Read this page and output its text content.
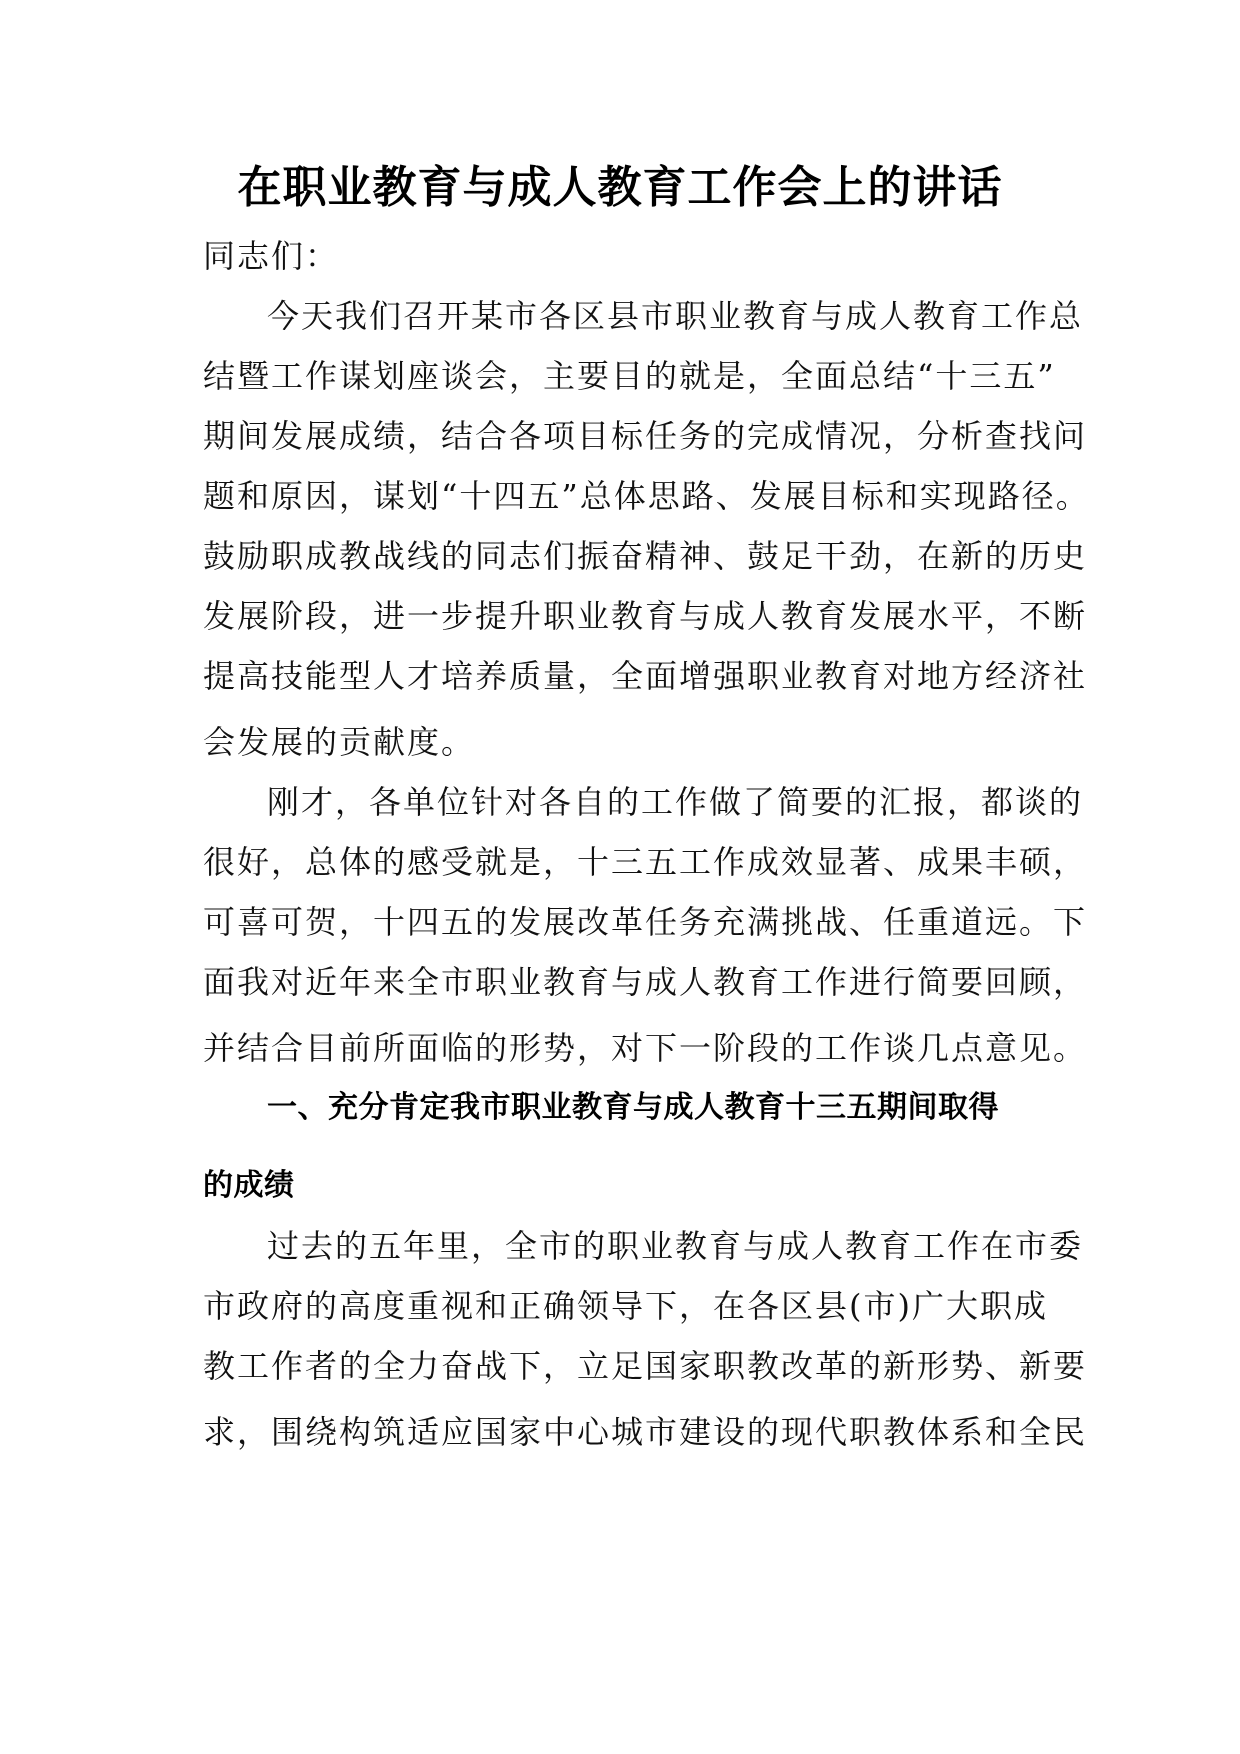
在职业教育与成人教育工作会上的讲话
同志们：
今天我们召开某市各区县市职业教育与成人教育工作总
结暨工作谋划座谈会，主要目的就是，全面总结“十三五”
期间发展成绩，结合各项目标任务的完成情况，分析查找问
题和原因，谋划“十四五”总体思路、发展目标和实现路径。
鼓励职成教战线的同志们振奋精神、鼓足干劲，在新的历史
发展阶段，进一步提升职业教育与成人教育发展水平，不断
提高技能型人才培养质量，全面增强职业教育对地方经济社
会发展的贡献度。
刚才，各单位针对各自的工作做了简要的汇报，都谈的
很好，总体的感受就是，十三五工作成效显著、成果丰硕，
可喜可贺，十四五的发展改革任务充满挑战、任重道远。下
面我对近年来全市职业教育与成人教育工作进行简要回顾，
并结合目前所面临的形势，对下一阶段的工作谈几点意见。
一、充分肯定我市职业教育与成人教育十三五期间取得
的成绩
过去的五年里，全市的职业教育与成人教育工作在市委
市政府的高度重视和正确领导下，在各区县(市)广大职成
教工作者的全力奋战下，立足国家职教改革的新形势、新要
求，围绕构筑适应国家中心城市建设的现代职教体系和全民
